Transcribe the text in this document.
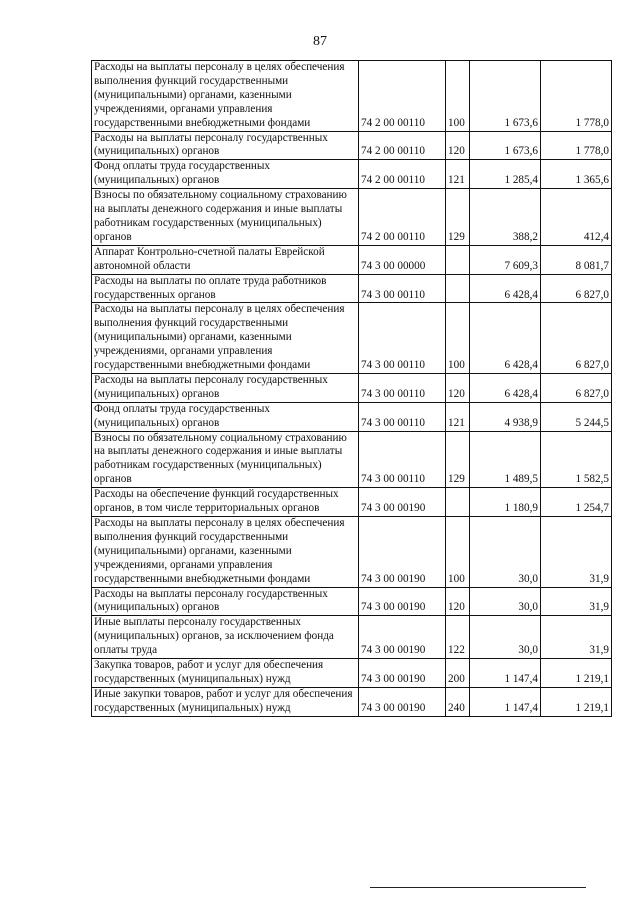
87
Расходы на выплаты персоналу в целях обеспечения выполнения функций государственными (муниципальными) органами, казенными учреждениями, органами управления государственными внебюджетными фондами	74 2 00 00110	100	1 673,6	1 778,0
Расходы на выплаты персоналу государственных (муниципальных) органов	74 2 00 00110	120	1 673,6	1 778,0
Фонд оплаты труда государственных (муниципальных) органов	74 2 00 00110	121	1 285,4	1 365,6
Взносы по обязательному социальному страхованию на выплаты денежного содержания и иные выплаты работникам государственных (муниципальных) органов	74 2 00 00110	129	388,2	412,4
Аппарат Контрольно-счетной палаты Еврейской автономной области	74 3 00 00000		7 609,3	8 081,7
Расходы на выплаты по оплате труда работников государственных органов	74 3 00 00110		6 428,4	6 827,0
Расходы на выплаты персоналу в целях обеспечения выполнения функций государственными (муниципальными) органами, казенными учреждениями, органами управления государственными внебюджетными фондами	74 3 00 00110	100	6 428,4	6 827,0
Расходы на выплаты персоналу государственных (муниципальных) органов	74 3 00 00110	120	6 428,4	6 827,0
Фонд оплаты труда государственных (муниципальных) органов	74 3 00 00110	121	4 938,9	5 244,5
Взносы по обязательному социальному страхованию на выплаты денежного содержания и иные выплаты работникам государственных (муниципальных) органов	74 3 00 00110	129	1 489,5	1 582,5
Расходы на обеспечение функций государственных органов, в том числе территориальных органов	74 3 00 00190		1 180,9	1 254,7
Расходы на выплаты персоналу в целях обеспечения выполнения функций государственными (муниципальными) органами, казенными учреждениями, органами управления государственными внебюджетными фондами	74 3 00 00190	100	30,0	31,9
Расходы на выплаты персоналу государственных (муниципальных) органов	74 3 00 00190	120	30,0	31,9
Иные выплаты персоналу государственных (муниципальных) органов, за исключением фонда оплаты труда	74 3 00 00190	122	30,0	31,9
Закупка товаров, работ и услуг для обеспечения государственных (муниципальных) нужд	74 3 00 00190	200	1 147,4	1 219,1
Иные закупки товаров, работ и услуг для обеспечения государственных (муниципальных) нужд	74 3 00 00190	240	1 147,4	1 219,1
